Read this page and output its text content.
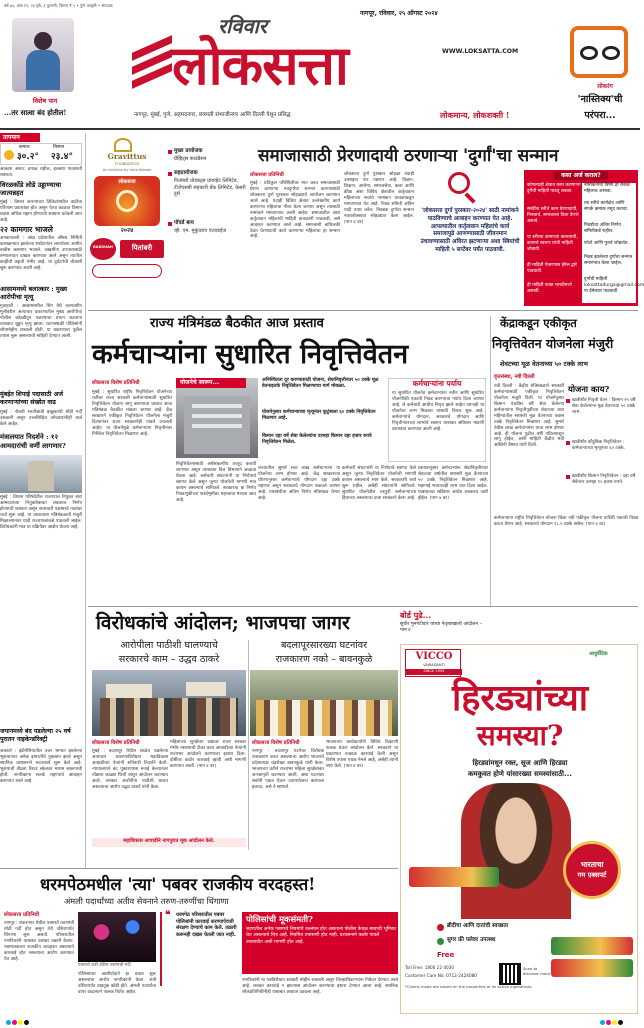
वर्ष ७५, अंक १९, २४ पृष्ठे, ३ पुरवणी, किंमत ₹ ५ • पुणे आवृत्ती • संपादक
नागपूर, रविवार, २५ ऑगस्ट २०२४
विशेष पान
...तर सात्वा बंद होतील!
रविवार
लोकसत्ता	WWW.LOKSATTA.COM
नागपूर, मुंबई, पुणे, अहमदनगर, छत्रपती संभाजीनगर आणि दिल्ली येथून प्रसिद्ध	लोकमान्य, लोकशक्ती !
लोकरंग
'नास्तिक्य'ची
परंपरा...
तापमान
कमाल
३०.२°
किमान
२३.४°
आकाश अंशत: ढगाळ राहील, हलक्या पावसाची शक्यता.
विरळकोंडे लोडे उड्डाण्याचा जात्यन्नहत
मुंबई : विमान कंपन्यांच्या तिकिटांमधील वाढीचा परिणाम प्रवाशांवर होत असून येत्या काळात विमान प्रवास अधिक महाग होण्याची शक्यता वर्तवली जात आहे.
२२ कामगार भाजले
अनकापल्ली : आंध्र प्रदेशातील औषध निर्मिती कारखान्यात झालेल्या स्फोटानंतर लागलेल्या आगीत बावीस कामगार भाजले. जखमींना उपचारासाठी रुग्णालयात दाखल करण्यात आले असून त्यातील काहींची प्रकृती गंभीर आहे. या दुर्घटनेची चौकशी सुरू करण्यात आली आहे.
आसाममध्ये बलात्कार : मुख्य आरोपीचा मृत्यू
गुवाहाटी : आसाममधील धिंग येथे अल्पवयीन मुलीवरील अत्याचार प्रकरणातील मुख्य आरोपीचा पोलीस कोठडीतून पळण्याचा प्रयत्न करताना तलावात बुडून मृत्यू झाला. घटनास्थळी पोलिसांनी शोधमोहीम राबवली होती. या प्रकरणाचा पुढील तपास सुरू असल्याची माहिती देण्यात आली.
मुंबईत शिपाई पदासाठी अर्ज करणाऱ्यांच्या संख्येत वाढ
मुंबई : नोकरी भरतीसाठी इच्छुकांची मोठी गर्दी उसळली असून उच्चशिक्षित उमेदवारांनीही अर्ज केले आहेत.
मंत्रालयात निदर्शने : १२ आमदारांची वर्णी लागणार?
मुंबई : विधान परिषदेतील राज्यपाल नियुक्त बारा आमदारांच्या नियुक्तीबाबत लवकरच निर्णय होण्याची शक्यता असून सत्ताधारी पक्षांमध्ये नावांवर चर्चा सुरू आहे. या प्रस्तावाला मंत्रिमंडळाची मंजुरी मिळाल्यानंतर यादी राज्यपालांकडे पाठवली जाईल. विरोधकांनी मात्र या प्रक्रियेवर आक्षेप घेतला आहे.
जपानमध्ये बंद पडलेल्या २५ वर्ष पुरातन नाइकेन्डॉरेक्ट्री
जकार्ता : इंडोनेशियातील उत्तर भागात झालेल्या भूकंपानंतर अनेक इमारतींचे नुकसान झाले असून स्थानिक प्रशासनाने मदतकार्य सुरू केले आहे. भूकंपाची तीव्रता रिश्टर स्केलवर मध्यम स्वरूपाची होती. नागरिकांना सतर्क राहण्याचे आवाहन करण्यात आले आहे.
Gravittus
FOUNDATION
An initiative by Usha Kakade
लोकसत्ता
२०२४
BADSHAH	पितांबरी
मुख्य प्रायोजक
ग्रॅव्हिट्स फाउंडेशन
सहप्रायोजक
पितांबरी प्रोडक्ट्स प्रायव्हेट लिमिटेड, टीजेएसबी सहकारी बँक लिमिटेड, केसरी टूर्स
पॉवर्ड बाय
व्ही. एम. मुकुंदराव एंटरप्राईज
समाजासाठी प्रेरणादायी ठरणाऱ्या 'दुर्गां'चा सन्मान
लोकसत्ता प्रतिनिधी
मुंबई : प्रतिकूल परिस्थितीवर मात करत समाजासाठी प्रेरणा ठरणाऱ्या नवदुर्गांचा सन्मान करण्यासाठी लोकसत्ता दुर्गा पुरस्कार सोहळ्याचे आयोजन करण्यात आले आहे. यंदाही विविध क्षेत्रांत उल्लेखनीय कार्य करणाऱ्या महिलांचा गौरव केला जाणार असून त्यासाठी नामांकने मागवण्यात आली आहेत. समाजातील अशा कर्तृत्ववान महिलांची माहिती वाचकांनी पाठवावी, असे आवाहन करण्यात आले आहे. समाजाशी बांधिलकी ठेवत प्रेरणादायी कार्य करणाऱ्या महिलांचा हा सन्मान आहे.
लोकसत्ता दुर्गा पुरस्कार सोहळा यंदाही उत्साहात पार पडणार आहे. विज्ञान, शिक्षण, आरोग्य, समाजसेवा, कला आणि क्रीडा अशा विविध क्षेत्रांतील कर्तृत्ववान महिलांच्या नावांचे नामांकन वाचकांकडून मागवण्यात येत आहे. निवड समिती अंतिम यादी तयार करेल. निवडक दुर्गांचा सन्मान नवरात्रोत्सवात सोहळ्यात केला जाईल. (पान ४ वर)
'लोकसत्ता दुर्गा पुरस्कार-२०२४' साठी नामांकने पाठविण्याचे आवाहन करण्यात येत आहे. आपल्यातील कर्तृत्ववान महिलांचे कार्य समाजापुढे आणण्यासाठी जीवनमान उंचावण्यासाठी अविरत झटणाऱ्या अशा स्त्रियांची माहिती ५ सप्टेंबर पर्यंत पाठवावी.
कसा अर्ज कराल?
कोणत्याही क्षेत्रात काम करणाऱ्या दुर्गेची माहिती पाठवू शकता.
संबंधित स्त्रीचे काम प्रेरणादायी, निःस्वार्थ, समाजाला दिशा देणारे असावे.
या स्त्रीच्या कामाच्या कालावधी, कामाचे स्वरूप यांची माहिती जोडावी.
ही माहिती ऐकण्यास ईमेल द्वारे पाठवावी.
ही माहिती फक्त मराठीमध्ये असावी.
नामांकनाचा विषय हा केवळ महिलाच असावा.
त्या स्त्रीचे कार्यक्षेत्र आणि संपर्क क्रमांक नमूद करावा.
निवडीचा अंतिम निर्णय समितीकडे राहील.
फोटो आणि पुरावे जोडावेत.
निवड झालेल्या दुर्गांचा सन्मान समारंभात केला जाईल.
दुर्गांची माहिती loksattadurga@gmail.com या ईमेलवर पाठवावी.
राज्य मंत्रिमंडळ बैठकीत आज प्रस्ताव
कर्मचाऱ्यांना सुधारित निवृत्तिवेतन
लोकसत्ता विशेष प्रतिनिधी
मुंबई : सुधारित राष्ट्रीय निवृत्तिवेतन योजनेच्या धर्तीवर राज्य सरकारी कर्मचाऱ्यांसाठी सुधारित निवृत्तिवेतन योजना लागू करण्याचा प्रस्ताव आज मंत्रिमंडळ बैठकीत मांडला जाणार आहे. केंद्र सरकारने एकीकृत निवृत्तिवेतन योजनेला मंजुरी दिल्यानंतर राज्य सरकारनेही पावले उचलली आहेत. या योजनेमुळे कर्मचाऱ्यांना निवृत्तीनंतर निश्चित निवृत्तिवेतन मिळणार आहे.
योजनेचे स्वरूप...	अनिश्चितता दूर करण्यासाठी योजना, सेवानिवृत्तीनंतर ५० टक्के मूळ वेतनाइतके निवृत्तिवेतन मिळण्याचा मार्ग मोकळा.
योजनेनुसार कर्मचाऱ्याच्या मृत्यूनंतर कुटुंबाला ६० टक्के निवृत्तिवेतन मिळणार आहे.
किमान दहा वर्षे सेवा केलेल्यांना दरमहा किमान दहा हजार रुपये निवृत्तिवेतन मिळेल.
कर्मचाऱ्यांना पर्याय
या सुधारित योजनेत कर्मचाऱ्यांना नवीन आणि सुधारित योजनेपैकी एकाची निवड करण्याचा पर्याय दिला जाणार आहे. जे कर्मचारी आधीच निवृत्त झाले आहेत त्यांनाही या योजनेचा लाभ मिळावा यासाठी विचार सुरू आहे. कर्मचाऱ्यांचे योगदान, सरकारचे योगदान आणि निवृत्तीनंतरच्या लाभांचे स्वरूप याबाबत सविस्तर मांडणी प्रस्तावात करण्यात आली आहे.
निवृत्तिवेतनासाठी अर्थसंकल्पीय तरतूद करावी लागणार असून त्याबाबत वित्त विभागाने आढावा घेतला आहे. कर्मचारी संघटनांनी या निर्णयाचे स्वागत केले असून जुन्या योजनेची मागणी मात्र कायम असल्याचे सांगितले. सरकारचा हा निर्णय निवडणुकीच्या पार्श्वभूमीवर महत्त्वाचा मानला जात आहे.
राज्यातील सुमारे सात लाख कर्मचाऱ्यांना या योजनेचा लाभ होणार आहे. केंद्र सरकारच्या धोरणानुसार कर्मचाऱ्यांचे योगदान दहा टक्के राहणार असून सरकारचे योगदान वाढवले जाणार आहे. यासंबंधीचा अंतिम निर्णय मंत्रिमंडळ घेणार आहे.
कर्मचारी संघटनांनी या निर्णयाचे स्वागत केले असून जुन्या निवृत्तिवेतन योजनेची मागणी कायम असल्याचे स्पष्ट केले. सरकारशी चर्चा सुरू राहील, असेही संघटनांनी सांगितले. सुधारित योजनेतील तरतुदी कर्मचाऱ्यांच्या हिताच्या असल्याचा दावा सरकारने केला आहे.
प्रस्तावानुसार कर्मचाऱ्यांना सेवानिवृत्तीनंतर शेवटच्या वर्षातील सरासरी मूळ वेतनाच्या ५० टक्के निवृत्तिवेतन मिळणार आहे. महागाई भत्त्याचाही लाभ यात दिला जाईल. याबाबतचा सविस्तर आदेश लवकरच जारी होईल. (पान ४ वर)
केंद्राकडून एकीकृत
निवृत्तिवेतन योजनेला मंजुरी
शेवटच्या मूळ वेतनाच्या ५० टक्के लाभ
वृत्तसंस्था, नवी दिल्ली
नवी दिल्ली : केंद्रीय मंत्रिमंडळाने सरकारी कर्मचाऱ्यांसाठी एकीकृत निवृत्तिवेतन योजनेला मंजुरी दिली. या योजनेनुसार किमान पंचवीस वर्षे सेवा केलेल्या कर्मचाऱ्यांना निवृत्तीपूर्वीच्या शेवटच्या बारा महिन्यांतील सरासरी मूळ वेतनाच्या पन्नास टक्के निवृत्तिवेतन मिळणार आहे. सुमारे तेवीस लाख कर्मचाऱ्यांना याचा लाभ होणार आहे. ही योजना पुढील वर्षी एप्रिलपासून लागू होईल, अशी माहिती केंद्रीय मंत्री अश्विनी वैष्णव यांनी दिली.
कर्मचाऱ्यांना राष्ट्रीय निवृत्तिवेतन योजना किंवा नवी एकीकृत योजना यापैकी एकाची निवड करता येणार आहे. सरकारचे योगदान १८.५ टक्के असेल. (पान ४ वर)
योजना काय?
खात्रीशीर निवृत्ती वेतन : किमान २५ वर्षे सेवा केलेल्यांना मूळ वेतनाच्या ५० टक्के लाभ.
खात्रीशीर कौटुंबिक निवृत्तिवेतन : कर्मचाऱ्याच्या मृत्यूनंतर ६० टक्के.
खात्रीशीर किमान निवृत्तिवेतन : दहा वर्षे सेवेनंतर दरमहा १० हजार रुपये.
विरोधकांचे आंदोलन; भाजपचा जागर
आरोपीला पाठीशी घालण्याचे
सरकारचे काम – उद्धव ठाकरे
बदलापूरसारख्या घटनांवर
राजकारण नको – बावनकुळे
लोकसत्ता विशेष प्रतिनिधी
मुंबई : बदलापूर येथील शाळेत घडलेल्या अत्याचार प्रकरणाविरोधात महाविकास आघाडीच्या नेत्यांनी शनिवारी निदर्शने केली. न्यायालयाने बंद पुकारण्यास मनाई केल्यानंतर तोंडाला काळ्या फिती बांधून आंदोलन करण्यात आले. सरकार आरोपींना पाठीशी घालत असल्याचा आरोप उद्धव ठाकरे यांनी केला.
महिलांच्या सुरक्षेच्या प्रश्नावर राज्य सरकार गंभीर नसल्याची टीका करत आघाडीच्या नेत्यांनी राज्यभर आंदोलने करण्याचा इशारा दिला. दोषींवर कठोर कारवाई व्हावी अशी मागणी करण्यात आली. (पान ४ वर)
महाविकास आघाडीने नागपुरात मूक आंदोलन केले.
लोकसत्ता विशेष प्रतिनिधी
नागपूर : बदलापूर घटनेवर विरोधक राजकारण करत असल्याचा आरोप भाजपचे प्रदेशाध्यक्ष चंद्रशेखर बावनकुळे यांनी केला. भाजपच्या वतीने राज्यभर महिला सुरक्षेबाबत जनजागृती करण्यात आली. अशा घटनांवर सर्वांनी एकत्र येऊन उपाययोजना करायला हव्यात, असे ते म्हणाले.
भाजपच्या कार्यकर्त्यांनी विविध ठिकाणी फलक घेऊन आंदोलन केले. सरकारने या प्रकरणात तत्काळ कारवाई केली असून विशेष तपास पथक नेमले आहे, असेही त्यांनी स्पष्ट केले. (पान ४ वर)
बोर्ड पुढे...
सुधीर मुनगंटीवार यांच्या नेतृत्वाखाली आंदोलन – पान ४
VICCO
VAJRADANTI
SINCE 1955
आयुर्वेदिक
हिरड्यांच्या
समस्या?
हिरड्यांमधून रक्त, सूज आणि हिरड्या
कमकुवत होणे यांसारख्या समस्यांसाठी...
भारताचा
गम एक्सपर्ट
ब्रीदीचा आणि दातांची स्वच्छता
सुगर फ्री फ्लेवर उपलब्ध
Free
Toll Free: 1800 22 4030
Customer Care No: 0712-2424080
Scan to discover more
*Claims made are based on the properties of its active ingredients.
धरमपेठमधील 'त्या' पबवर राजकीय वरदहस्त!
अंमली पदार्थांच्या अतीव सेवनाने तरुण-तरुणींचा धिंगाणा
लोकसत्ता प्रतिनिधी
नागपूर : शंकरनगर येथील पबमध्ये तरुणांची मोठी गर्दी होत असून तेथे उशिरापर्यंत धिंगाणा सुरू असतो. परिसरातील नागरिकांनी याबाबत वारंवार तक्रारी केल्या. पबमालकाला राजकीय वरदहस्त असल्याने कारवाई होत नसल्याचा आरोप करण्यात येत आहे.
पबमध्ये रात्री उशिरा तरुणांची गर्दी.
पोलिसांच्या आशीर्वादाने हा प्रकार सुरू असल्याचा आरोप नागरिकांनी केला. रात्री उशिरापर्यंत वाहतूक कोंडी होते. अंमली पदार्थांचा वापर वाढल्याने पालक चिंतेत आहेत.
❝	धरमपेठ परिसरातील पबवर पोलिसांनी कारवाई करण्याऐवजी संरक्षण देण्याचे काम केले. तक्रारी करूनही दखल घेतली जात नाही.
पोलिसांची मूकसंमती?
शहरातील अनेक पबमध्ये नियमांचे उल्लंघन होत असताना पोलीस केवळ बघ्याची भूमिका घेत असल्याचे चित्र आहे. नियमित तपासणी होत नाही. प्रशासनाने कठोर पावले उचलावीत अशी मागणी होत आहे.
नागरिकांनी या पबविरोधात स्वाक्षरी मोहीम राबवली असून जिल्हाधिकाऱ्यांना निवेदन देण्यात आले आहे. लवकर कारवाई न झाल्यास आंदोलन करण्याचा इशारा देण्यात आला आहे. स्थानिक लोकप्रतिनिधींनीही याबाबत आवाज उठवला आहे.
